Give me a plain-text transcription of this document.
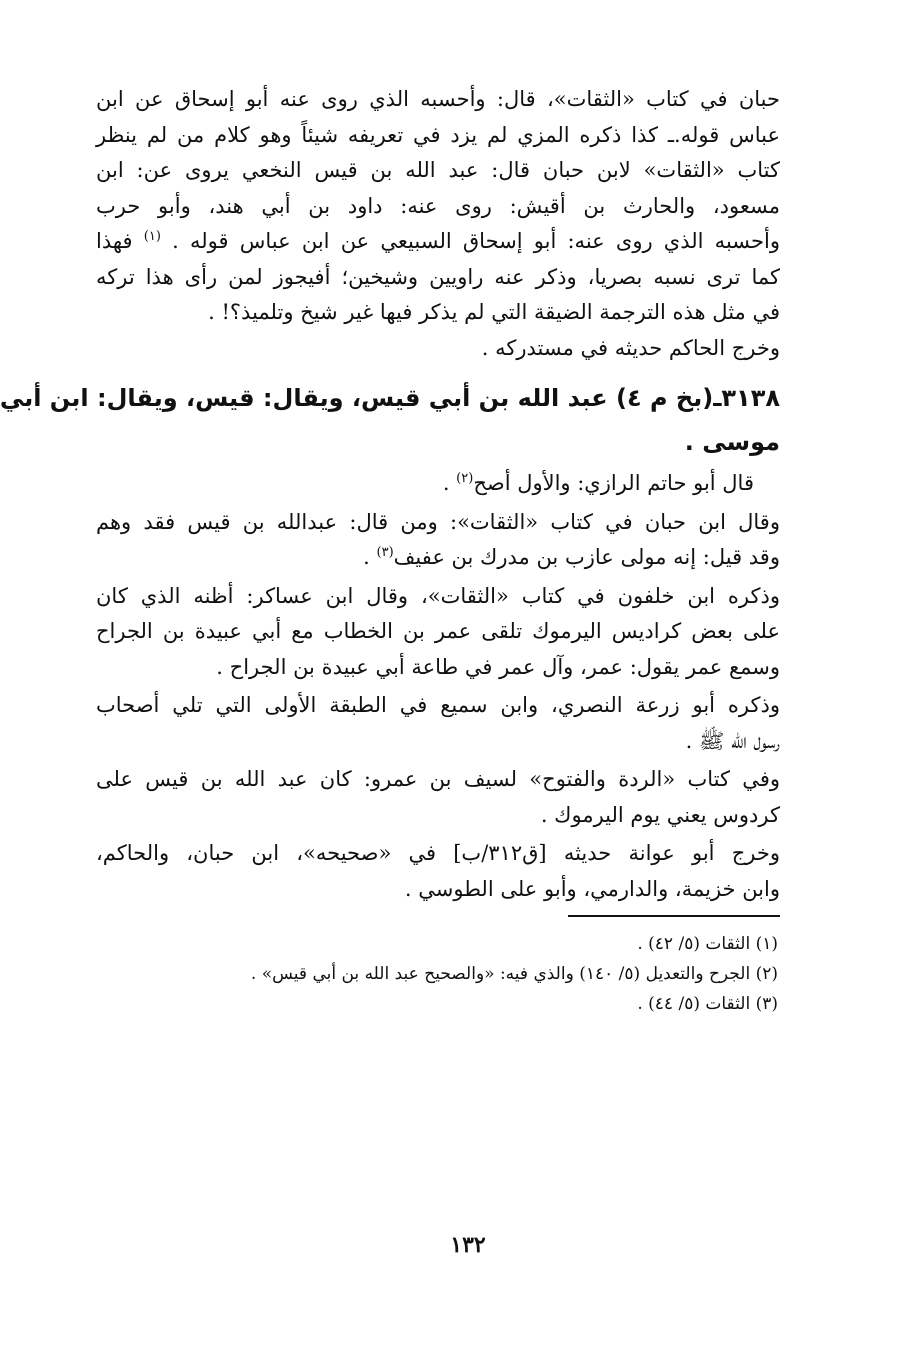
حبان في كتاب «الثقات»، قال: وأحسبه الذي روى عنه أبو إسحاق عن ابن
عباس قوله.ـ كذا ذكره المزي لم يزد في تعريفه شيئاً وهو كلام من لم ينظر
كتاب «الثقات» لابن حبان قال: عبد الله بن قيس النخعي يروى عن: ابن
مسعود، والحارث بن أقيش: روى عنه: داود بن أبي هند، وأبو حرب
وأحسبه الذي روى عنه: أبو إسحاق السبيعي عن ابن عباس قوله . $^{(١)}$ فهذا
كما ترى نسبه بصريا، وذكر عنه راويين وشيخين؛ أفيجوز لمن رأى هذا تركه
في مثل هذه الترجمة الضيقة التي لم يذكر فيها غير شيخ وتلميذ؟! .
وخرج الحاكم حديثه في مستدركه .
٣١٣٨ـ(بخ م ٤) عبد الله بن أبي قيس، ويقال: قيس، ويقال: ابن أبي
موسى .
قال أبو حاتم الرازي: والأول أصح$^{(٢)}$ .
وقال ابن حبان في كتاب «الثقات»: ومن قال: عبدالله بن قيس فقد وهم
وقد قيل: إنه مولى عازب بن مدرك بن عفيف$^{(٣)}$ .
وذكره ابن خلفون في كتاب «الثقات»، وقال ابن عساكر: أظنه الذي كان
على بعض كراديس اليرموك تلقى عمر بن الخطاب مع أبي عبيدة بن الجراح
وسمع عمر يقول: عمر، وآل عمر في طاعة أبي عبيدة بن الجراح .
وذكره أبو زرعة النصري، وابن سميع في الطبقة الأولى التي تلي أصحاب
رسول الله ﷺ .
وفي كتاب «الردة والفتوح» لسيف بن عمرو: كان عبد الله بن قيس على
كردوس يعني يوم اليرموك .
وخرج أبو عوانة حديثه [ق٣١٢/ب] في «صحيحه»، ابن حبان، والحاكم،
وابن خزيمة، والدارمي، وأبو على الطوسي .
(١) الثقات (٥/ ٤٢) .
(٢) الجرح والتعديل (٥/ ١٤٠) والذي فيه: «والصحيح عبد الله بن أبي قيس» .
(٣) الثقات (٥/ ٤٤) .
١٣٢
